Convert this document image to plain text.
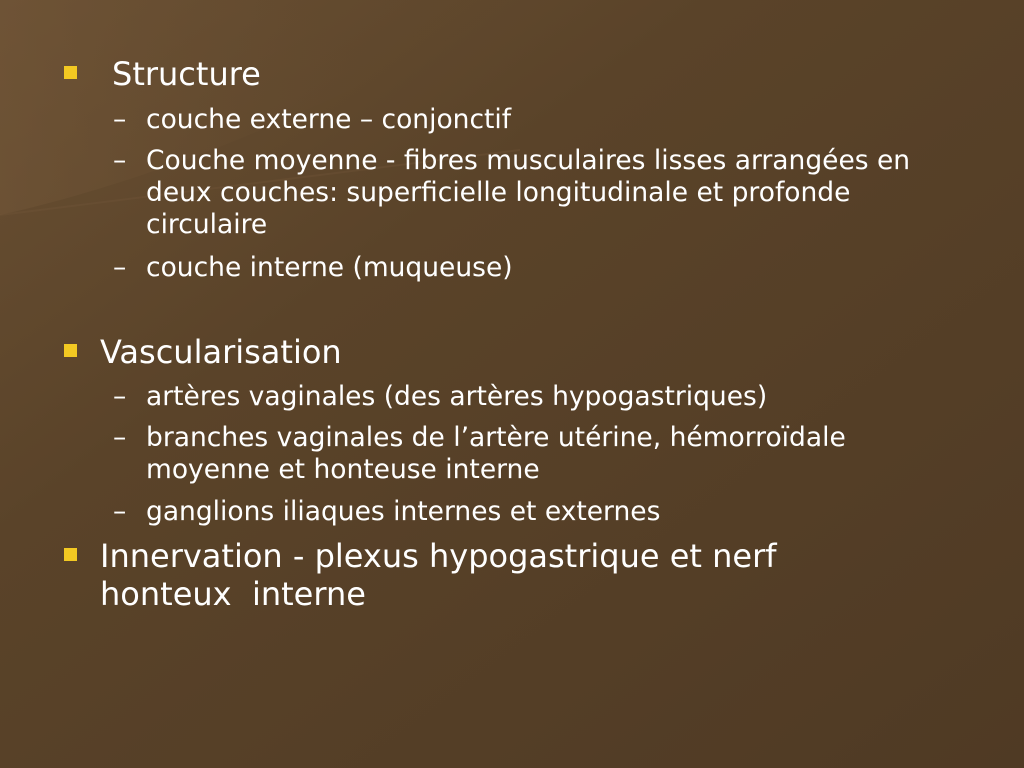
Structure
– couche externe – conjonctif
– Couche moyenne - fibres musculaires lisses arrangées en deux couches: superficielle longitudinale et profonde circulaire
– couche interne (muqueuse)
Vascularisation
– artères vaginales (des artères hypogastriques)
– branches vaginales de l’artère utérine, hémorroïdale moyenne et honteuse interne
– ganglions iliaques internes et externes
Innervation - plexus hypogastrique et nerf honteux  interne
